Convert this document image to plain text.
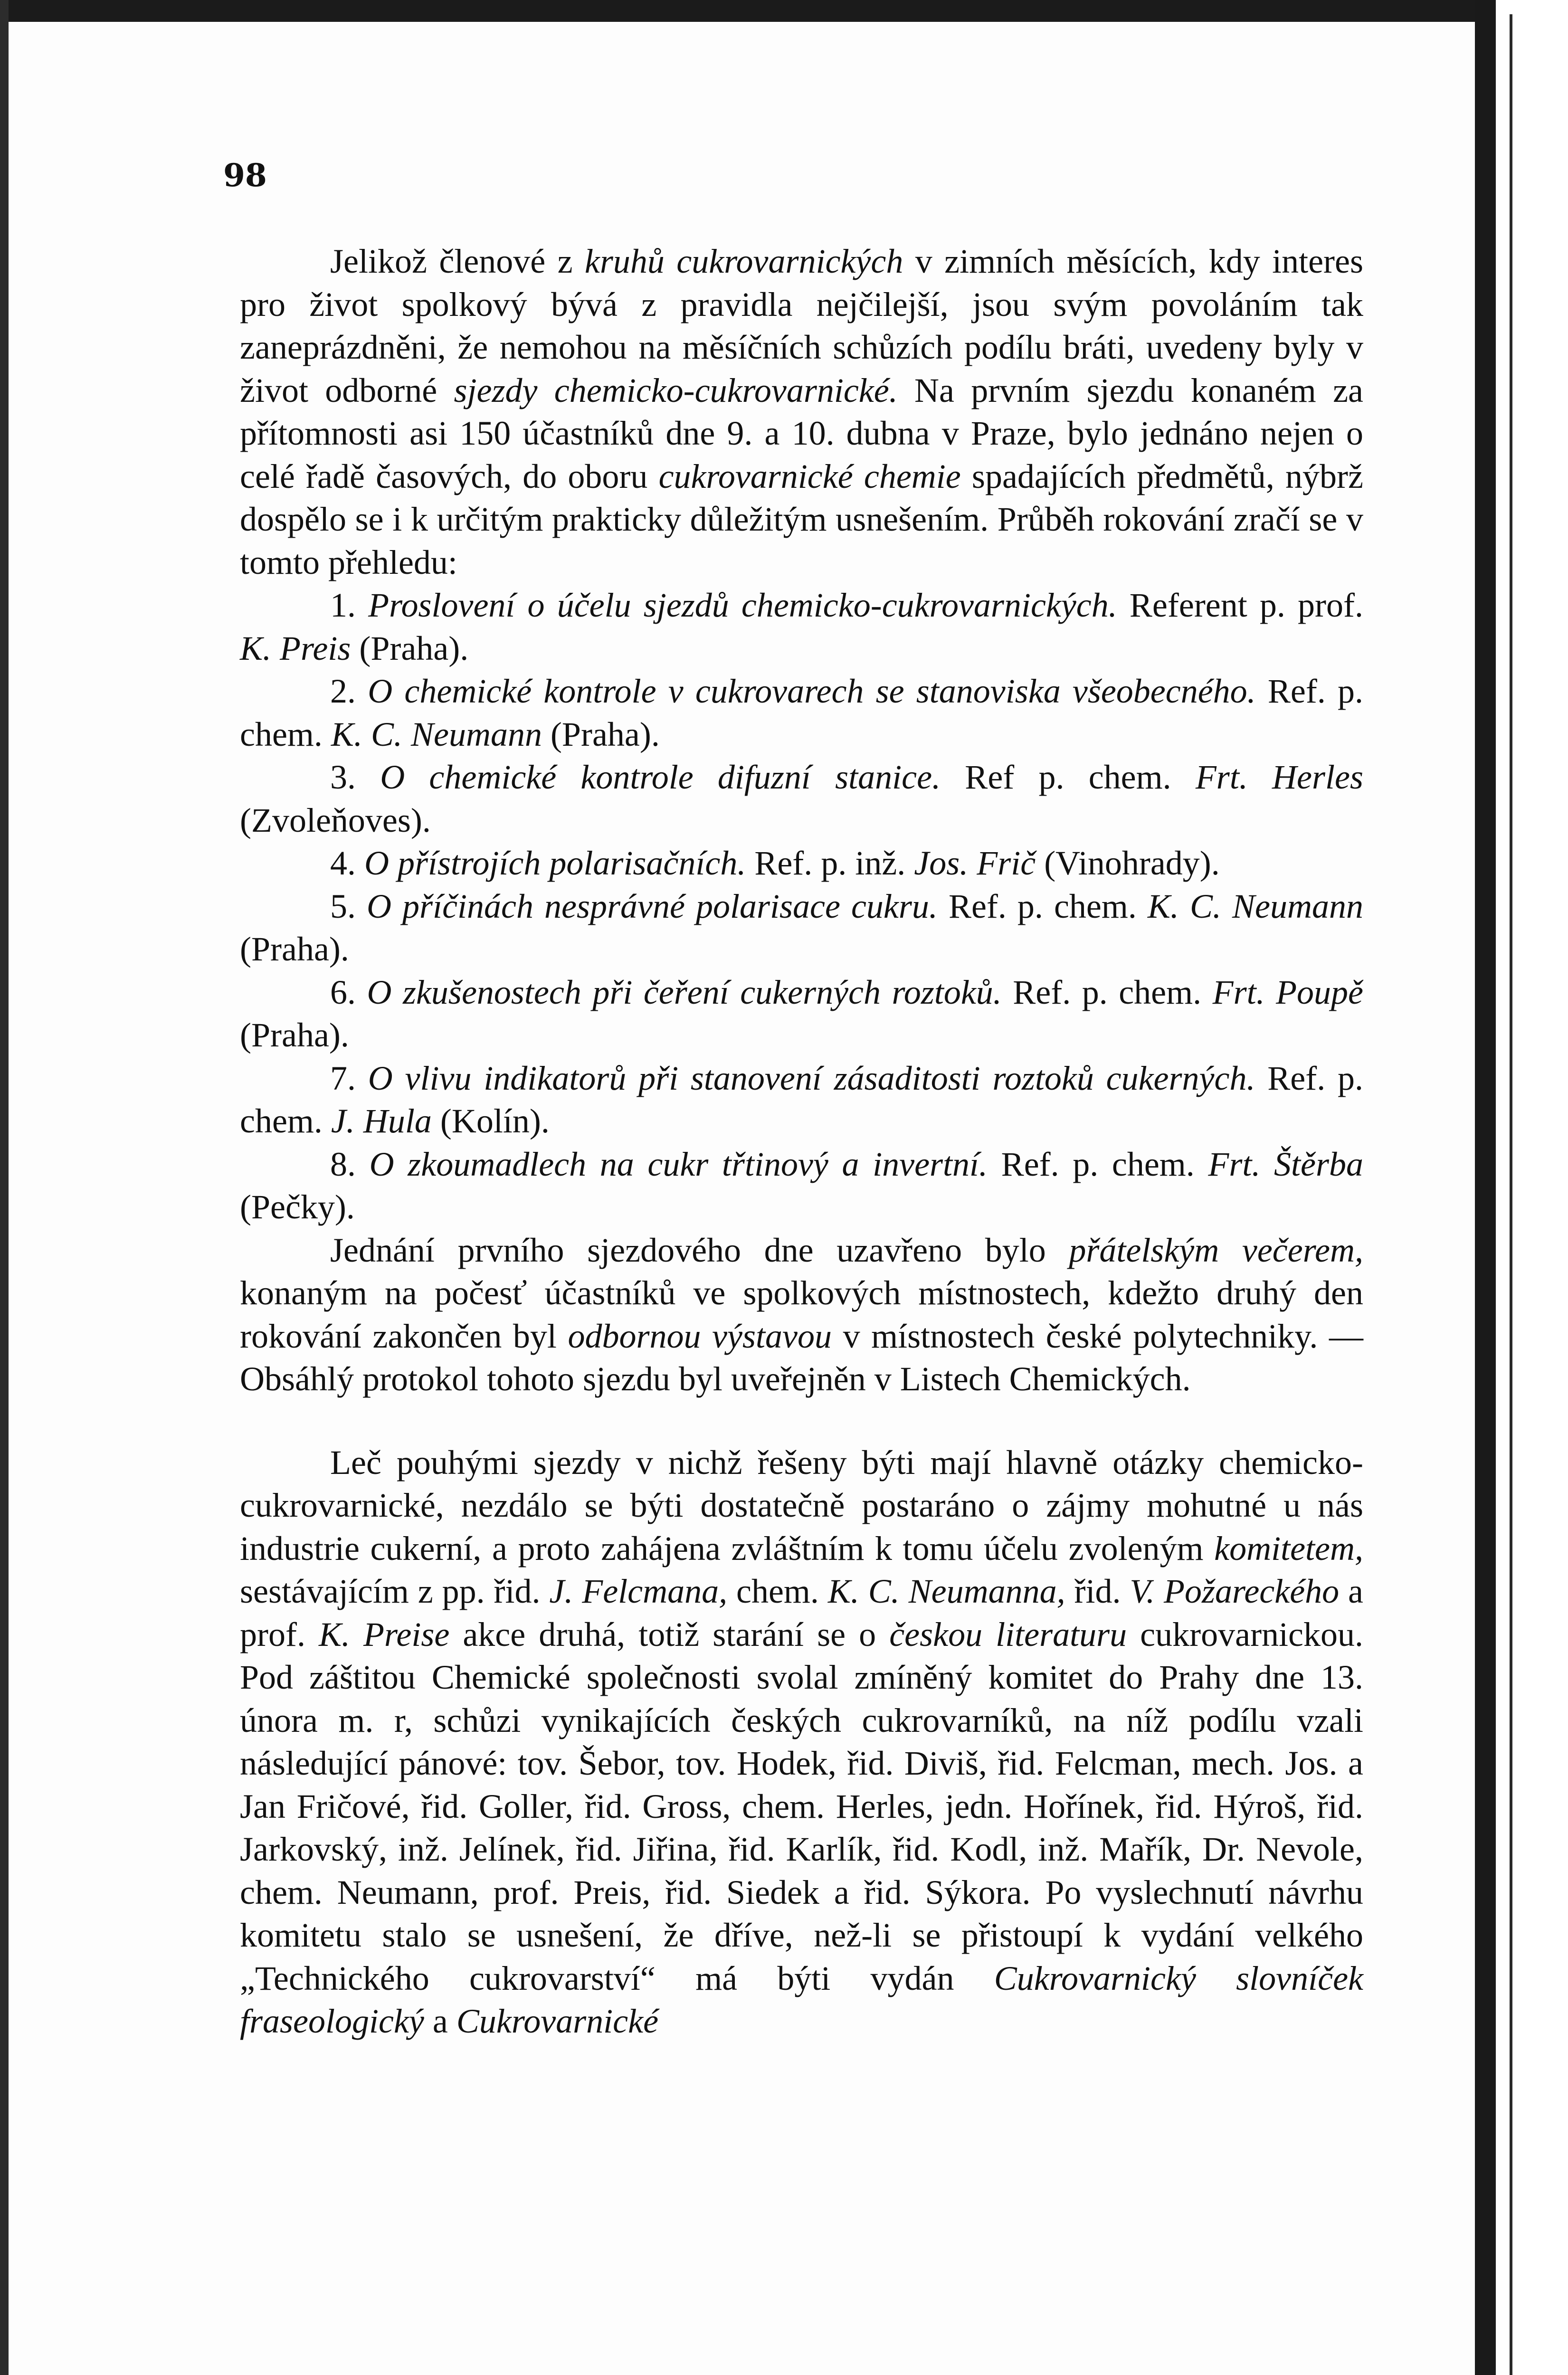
98

Jelikož členové z kruhů cukrovarnických v zimních měsících, kdy interes pro život spolkový bývá z pravidla nejčilejší, jsou svým povoláním tak zaneprázdněni, že nemohou na měsíčních schůzích podílu bráti, uvedeny byly v život odborné sjezdy chemicko-cukrovarnické. Na prvním sjezdu konaném za přítomnosti asi 150 účastníků dne 9. a 10. dubna v Praze, bylo jednáno nejen o celé řadě časových, do oboru cukrovarnické chemie spadajících předmětů, nýbrž dospělo se i k určitým prakticky důležitým usnešením. Průběh rokování zračí se v tomto přehledu:

1. Proslovení o účelu sjezdů chemicko-cukrovarnických. Referent p. prof. K. Preis (Praha).

2. O chemické kontrole v cukrovarech se stanoviska všeobecného. Ref. p. chem. K. C. Neumann (Praha).

3. O chemické kontrole difuzní stanice. Ref p. chem. Frt. Herles (Zvoleňoves).

4. O přístrojích polarisačních. Ref. p. inž. Jos. Frič (Vinohrady).

5. O příčinách nesprávné polarisace cukru. Ref. p. chem. K. C. Neumann (Praha).

6. O zkušenostech při čeření cukerných roztoků. Ref. p. chem. Frt. Poupě (Praha).

7. O vlivu indikatorů při stanovení zásaditosti roztoků cukerných. Ref. p. chem. J. Hula (Kolín).

8. O zkoumadlech na cukr třtinový a invertní. Ref. p. chem. Frt. Štěrba (Pečky).

Jednání prvního sjezdového dne uzavřeno bylo přátelským večerem, konaným na počesť účastníků ve spolkových místnostech, kdežto druhý den rokování zakončen byl odbornou výstavou v místnostech české polytechniky. — Obsáhlý protokol tohoto sjezdu byl uveřejněn v Listech Chemických.

Leč pouhými sjezdy v nichž řešeny býti mají hlavně otázky chemicko-cukrovarnické, nezdálo se býti dostatečně postaráno o zájmy mohutné u nás industrie cukerní, a proto zahájena zvláštním k tomu účelu zvoleným komitetem, sestávajícím z pp. řid. J. Felcmana, chem. K. C. Neumanna, řid. V. Požareckého a prof. K. Preise akce druhá, totiž starání se o českou literaturu cukrovarnickou. Pod záštitou Chemické společnosti svolal zmíněný komitet do Prahy dne 13. února m. r, schůzi vynikajících českých cukrovarníků, na níž podílu vzali následující pánové: tov. Šebor, tov. Hodek, řid. Diviš, řid. Felcman, mech. Jos. a Jan Fričové, řid. Goller, řid. Gross, chem. Herles, jedn. Hořínek, řid. Hýroš, řid. Jarkovský, inž. Jelínek, řid. Jiřina, řid. Karlík, řid. Kodl, inž. Mařík, Dr. Nevole, chem. Neumann, prof. Preis, řid. Siedek a řid. Sýkora. Po vyslechnutí návrhu komitetu stalo se usnešení, že dříve, než-li se přistoupí k vydání velkého „Technického cukrovarství“ má býti vydán Cukrovarnický slovníček fraseologický a Cukrovarnické
